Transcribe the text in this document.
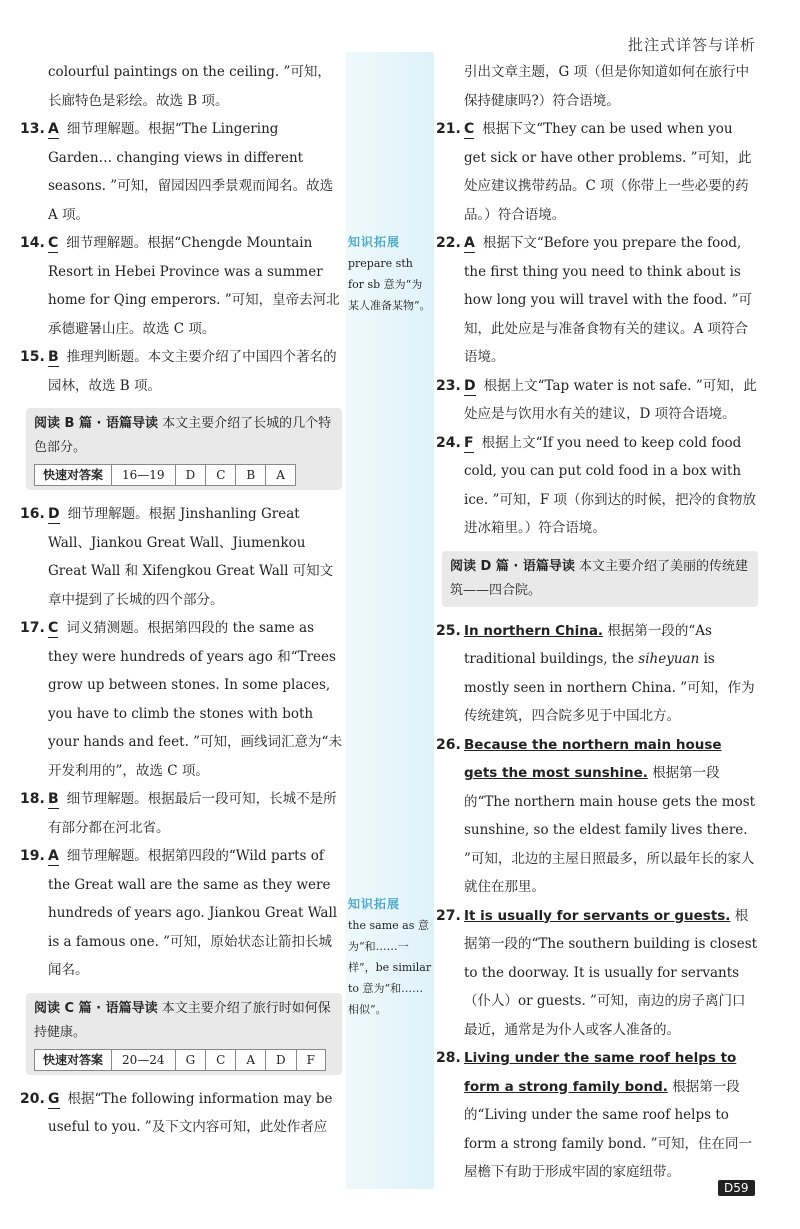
批注式详答与详析
知识拓展
prepare sth for sb 意为“为某人准备某物”。
知识拓展
the same as 意为“和……一样”，be similar to 意为“和……相似”。
colourful paintings on the ceiling. ”可知，长廊特色是彩绘。故选 B 项。
13. A 细节理解题。根据“The Lingering Garden… changing views in different seasons. ”可知，留园因四季景观而闻名。故选 A 项。
14. C 细节理解题。根据“Chengde Mountain Resort in Hebei Province was a summer home for Qing emperors. ”可知，皇帝去河北承德避暑山庄。故选 C 项。
15. B 推理判断题。本文主要介绍了中国四个著名的园林，故选 B 项。
阅读 B 篇 · 语篇导读 本文主要介绍了长城的几个特色部分。
快速对答案	16—19	D	C	B	A
16. D 细节理解题。根据 Jinshanling Great Wall、Jiankou Great Wall、Jiumenkou Great Wall 和 Xifengkou Great Wall 可知文章中提到了长城的四个部分。
17. C 词义猜测题。根据第四段的 the same as they were hundreds of years ago 和“Trees grow up between stones. In some places, you have to climb the stones with both your hands and feet. ”可知，画线词汇意为“未开发利用的”，故选 C 项。
18. B 细节理解题。根据最后一段可知，长城不是所有部分都在河北省。
19. A 细节理解题。根据第四段的“Wild parts of the Great wall are the same as they were hundreds of years ago. Jiankou Great Wall is a famous one. ”可知，原始状态让箭扣长城闻名。
阅读 C 篇 · 语篇导读 本文主要介绍了旅行时如何保持健康。
快速对答案	20—24	G	C	A	D	F
20. G 根据“The following information may be useful to you. ”及下文内容可知，此处作者应
引出文章主题，G 项（但是你知道如何在旅行中保持健康吗?）符合语境。
21. C 根据下文“They can be used when you get sick or have other problems. ”可知，此处应建议携带药品。C 项（你带上一些必要的药品。）符合语境。
22. A 根据下文“Before you prepare the food, the first thing you need to think about is how long you will travel with the food. ”可知，此处应是与准备食物有关的建议。A 项符合语境。
23. D 根据上文“Tap water is not safe. ”可知，此处应是与饮用水有关的建议，D 项符合语境。
24. F 根据上文“If you need to keep cold food cold, you can put cold food in a box with ice. ”可知，F 项（你到达的时候，把冷的食物放进冰箱里。）符合语境。
阅读 D 篇 · 语篇导读 本文主要介绍了美丽的传统建筑——四合院。
25. In northern China. 根据第一段的“As traditional buildings, the siheyuan is mostly seen in northern China. ”可知，作为传统建筑，四合院多见于中国北方。
26. Because the northern main house gets the most sunshine. 根据第一段的“The northern main house gets the most sunshine, so the eldest family lives there. ”可知，北边的主屋日照最多，所以最年长的家人就住在那里。
27. It is usually for servants or guests. 根据第一段的“The southern building is closest to the doorway. It is usually for servants（仆人）or guests. ”可知，南边的房子离门口最近，通常是为仆人或客人准备的。
28. Living under the same roof helps to form a strong family bond. 根据第一段的“Living under the same roof helps to form a strong family bond. ”可知，住在同一屋檐下有助于形成牢固的家庭纽带。
D59
